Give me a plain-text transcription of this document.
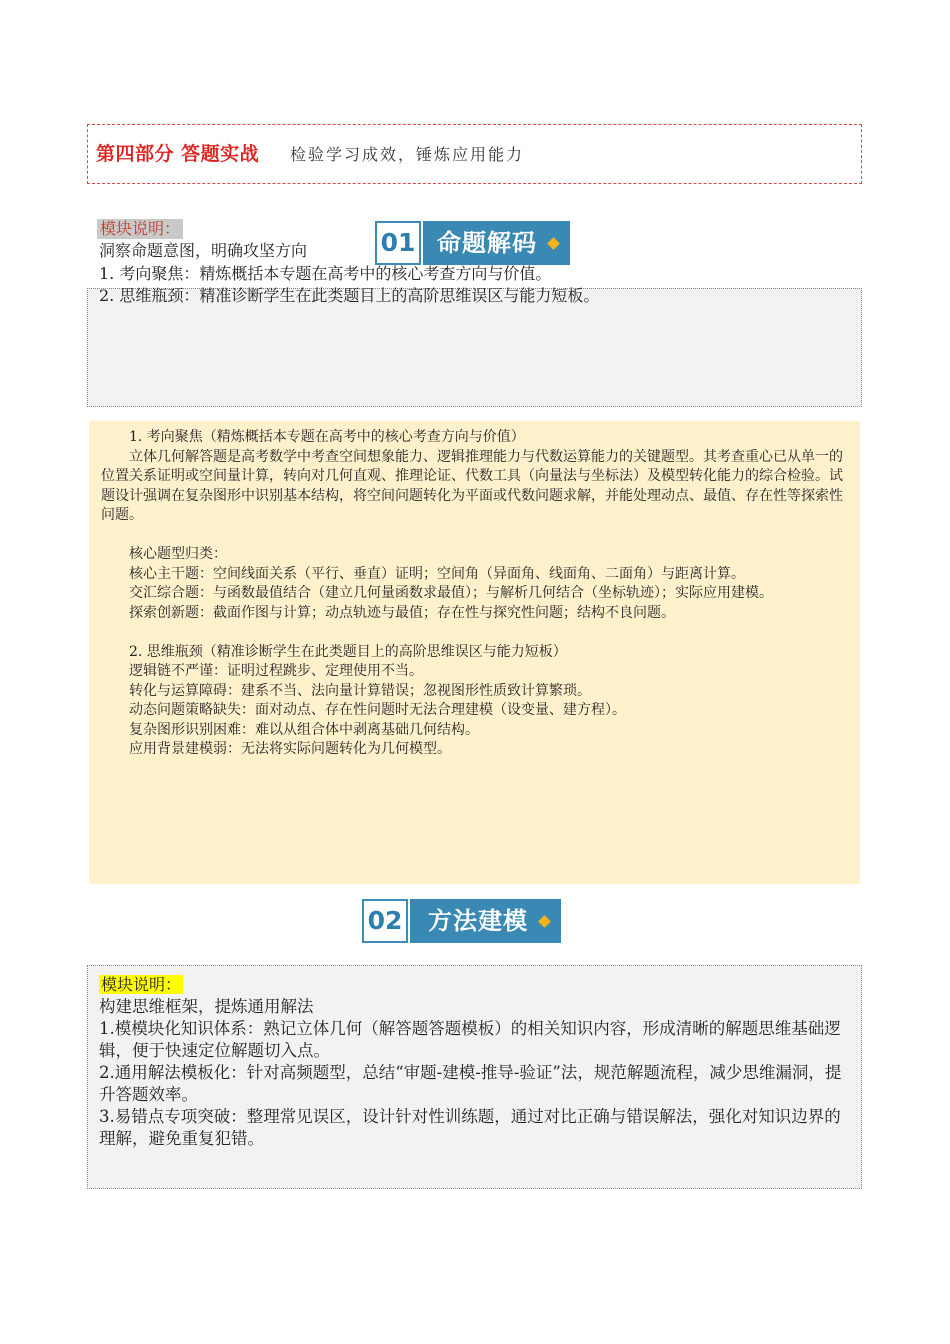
第四部分 答题实战 检验学习成效，锤炼应用能力
模块说明：	01 命题解码
洞察命题意图，明确攻坚方向
1. 考向聚焦：精炼概括本专题在高考中的核心考查方向与价值。
2. 思维瓶颈：精准诊断学生在此类题目上的高阶思维误区与能力短板。

1. 考向聚焦（精炼概括本专题在高考中的核心考查方向与价值）

立体几何解答题是高考数学中考查空间想象能力、逻辑推理能力与代数运算能力的关键题型。其考查重心已从单一的位置关系证明或空间量计算，转向对几何直观、推理论证、代数工具（向量法与坐标法）及模型转化能力的综合检验。试题设计强调在复杂图形中识别基本结构，将空间问题转化为平面或代数问题求解，并能处理动点、最值、存在性等探索性问题。

核心题型归类：

核心主干题：空间线面关系（平行、垂直）证明；空间角（异面角、线面角、二面角）与距离计算。

交汇综合题：与函数最值结合（建立几何量函数求最值）；与解析几何结合（坐标轨迹）；实际应用建模。

探索创新题：截面作图与计算；动点轨迹与最值；存在性与探究性问题；结构不良问题。

2. 思维瓶颈（精准诊断学生在此类题目上的高阶思维误区与能力短板）

逻辑链不严谨：证明过程跳步、定理使用不当。

转化与运算障碍：建系不当、法向量计算错误；忽视图形性质致计算繁琐。

动态问题策略缺失：面对动点、存在性问题时无法合理建模（设变量、建方程）。

复杂图形识别困难：难以从组合体中剥离基础几何结构。

应用背景建模弱：无法将实际问题转化为几何模型。

02 方法建模

模块说明：

构建思维框架，提炼通用解法

1.模模块化知识体系：熟记立体几何（解答题答题模板）的相关知识内容，形成清晰的解题思维基础逻辑，便于快速定位解题切入点。

2.通用解法模板化：针对高频题型，总结“审题-建模-推导-验证”法，规范解题流程，减少思维漏洞，提升答题效率。

3.易错点专项突破：整理常见误区，设计针对性训练题，通过对比正确与错误解法，强化对知识边界的理解，避免重复犯错。
